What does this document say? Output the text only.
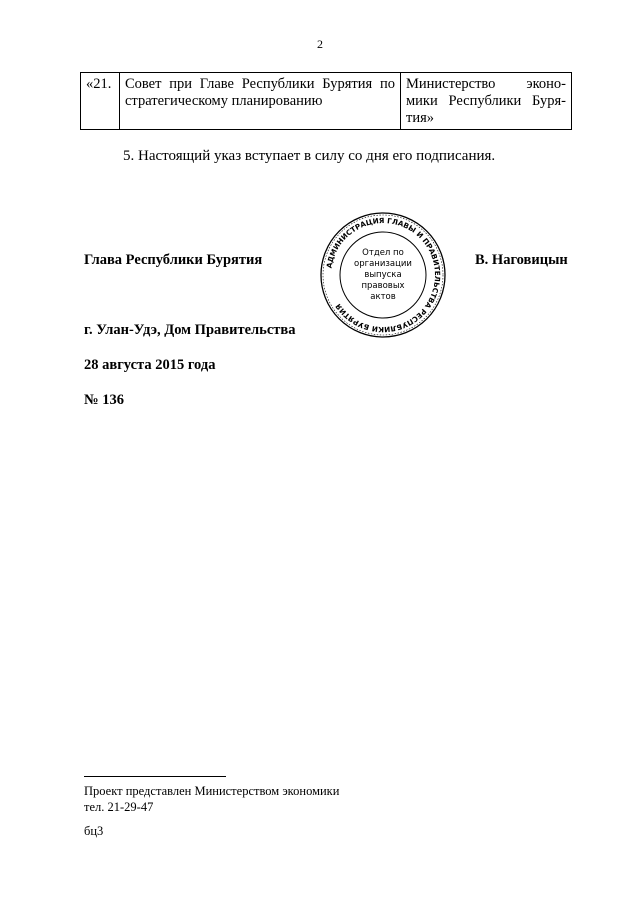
2
«21.	Совет при Главе Республики Бурятия по стратегическому планированию	Министерство эконо-мики Республики Буря-тия»
5. Настоящий указ вступает в силу со дня его подписания.
Глава Республики Бурятия	АДМИНИСТРАЦИЯ ГЛАВЫ И ПРАВИТЕЛЬСТВА РЕСПУБЛИКИ БУРЯТИЯ
Отдел по
организации
выпуска
правовых
актов
В. Наговицын
г. Улан-Удэ, Дом Правительства
28 августа 2015 года
№ 136
Проект представлен Министерством экономики
тел. 21-29-47
бц3
